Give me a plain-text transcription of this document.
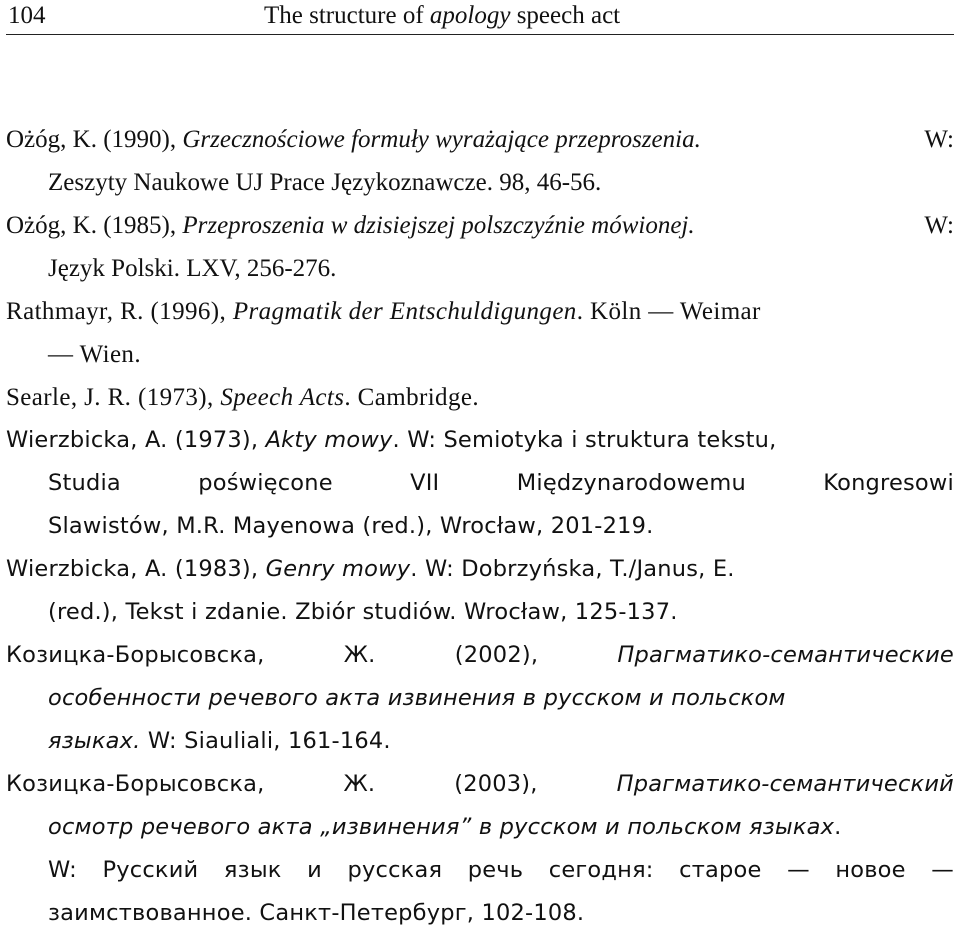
104	The structure of apology speech act
Ożóg, K. (1990), Grzecznościowe formuły wyrażające przeproszenia.	W:
Zeszyty Naukowe UJ Prace Językoznawcze. 98, 46-56.
Ożóg, K. (1985), Przeproszenia w dzisiejszej polszczyźnie mówionej.	W:
Język Polski. LXV, 256-276.
Rathmayr, R. (1996), Pragmatik der Entschuldigungen. Köln — Weimar
— Wien.
Searle, J. R. (1973), Speech Acts. Cambridge.
Wierzbicka, A. (1973), Akty mowy. W: Semiotyka i struktura tekstu,
Studia	poświęcone	VII	Międzynarodowemu	Kongresowi
Slawistów, M.R. Mayenowa (red.), Wrocław, 201-219.
Wierzbicka, A. (1983), Genry mowy. W: Dobrzyńska, T./Janus, E.
(red.), Tekst i zdanie. Zbiór studiów. Wrocław, 125-137.
Козицка-Борысовска,	Ж.	(2002),	Прагматико-семантические
особенности речевого акта извинения в русском и польском
языках. W: Siauliali, 161-164.
Козицка-Борысовска,	Ж.	(2003),	Прагматико-семантический
осмотр речевого акта „извинения” в русском и польском языках.
W: Русский язык и русская речь сегодня: старое — новое —
заимствованное. Санкт-Петербург, 102-108.
